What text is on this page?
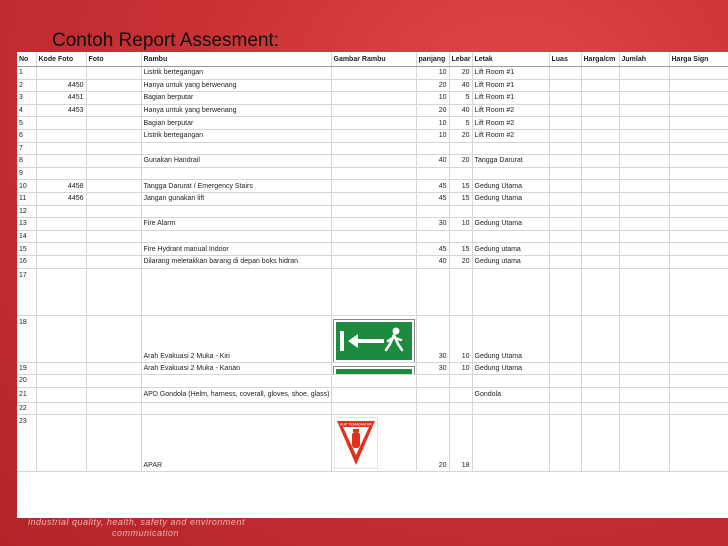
Contoh Report Assesment:
No	Kode Foto	Foto	Rambu	Gambar Rambu	panjang	Lebar	Letak	Luas	Harga/cm	Jumlah	Harga Sign
1			Listrik bertegangan		10	20	Lift Room #1				
2	4450		Hanya untuk yang berwenang		20	40	Lift Room #1				
3	4451		Bagian berputar		10	5	Lift Room #1				
4	4453		Hanya untuk yang berwenang		20	40	Lift Room #2				
5			Bagian berputar		10	5	Lift Room #2				
6			Listrik bertegangan		10	20	Lift Room #2				
7											
8			Gunakan Handrail		40	20	Tangga Darurat				
9											
10	4458		Tangga Darurat / Emergency Stairs		45	15	Gedung Utama				
11	4456		Jangan gunakan lift		45	15	Gedung Utama				
12											
13			Fire Alarm		30	10	Gedung Utama				
14											
15			Fire Hydrant manual Indoor		45	15	Gedung utama				
16			Dilarang meletakkan barang di depan boks hidran		40	20	Gedung utama				
17											
18			Arah Evakuasi 2 Muka - Kiri		30	10	Gedung Utama				
19			Arah Evakuasi 2 Muka - Kanan		30	10	Gedung Utama				
20											
21			APD Gondola (Helm, harness, coverall, gloves, shoe, glass)				Gondola				
22											
23			APAR	ALAT PEMADAM API	20	18					
industrial quality, health, safety and environment
communication
